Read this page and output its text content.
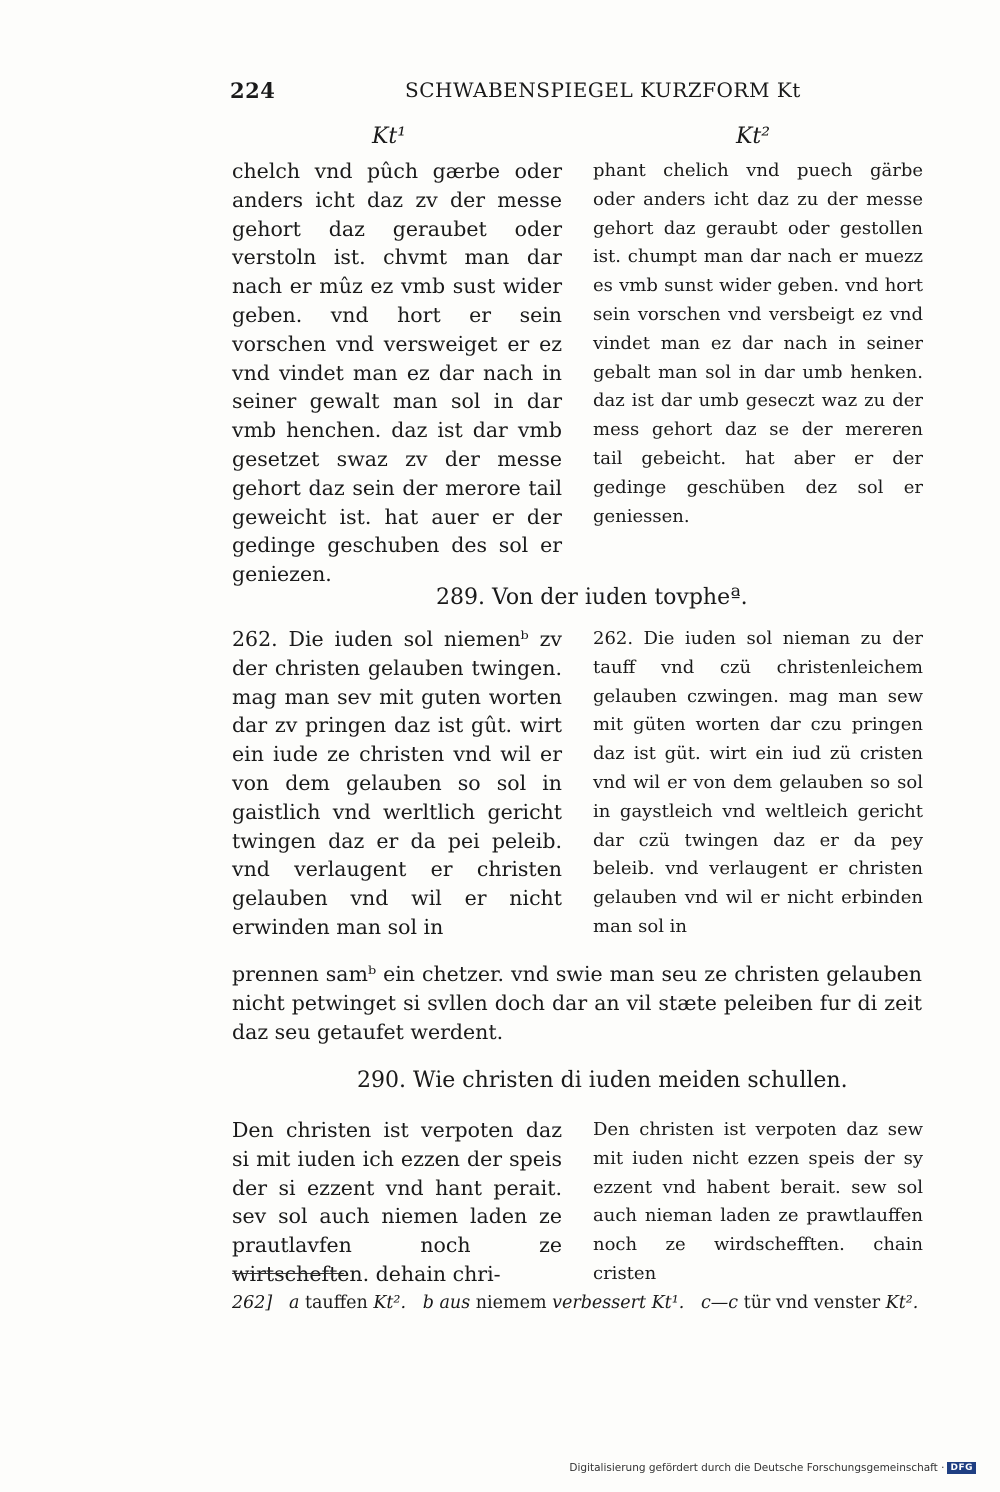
224	SCHWABENSPIEGEL KURZFORM Kt
Kt¹	Kt²
chelch vnd pûch gærbe oder anders icht daz zv der messe gehort daz geraubet oder verstoln ist. chvmt man dar nach er mûz ez vmb sust wider geben. vnd hort er sein vorschen vnd versweiget er ez vnd vindet man ez dar nach in seiner gewalt man sol in dar vmb henchen. daz ist dar vmb gesetzet swaz zv der messe gehort daz sein der merore tail geweicht ist. hat auer er der gedinge geschuben des sol er geniezen.
phant chelich vnd puech gärbe oder anders icht daz zu der messe gehort daz geraubt oder gestollen ist. chumpt man dar nach er muezz es vmb sunst wider geben. vnd hort sein vorschen vnd versbeigt ez vnd vindet man ez dar nach in seiner gebalt man sol in dar umb henken. daz ist dar umb geseczt waz zu der mess gehort daz se der mereren tail gebeicht. hat aber er der gedinge geschüben dez sol er geniessen.
289. Von der iuden tovpheª.
262. Die iuden sol niemenᵇ zv der christen gelauben twingen. mag man sev mit guten worten dar zv pringen daz ist gût. wirt ein iude ze christen vnd wil er von dem gelauben so sol in gaistlich vnd werltlich gericht twingen daz er da pei peleib. vnd verlaugent er christen gelauben vnd wil er nicht erwinden man sol in
262. Die iuden sol nieman zu der tauff vnd czü christenleichem gelauben czwingen. mag man sew mit güten worten dar czu pringen daz ist güt. wirt ein iud zü cristen vnd wil er von dem gelauben so sol in gaystleich vnd weltleich gericht dar czü twingen daz er da pey beleib. vnd verlaugent er christen gelauben vnd wil er nicht erbinden man sol in
prennen samᵇ ein chetzer. vnd swie man seu ze christen gelauben nicht petwinget si svllen doch dar an vil stæte peleiben fur di zeit daz seu getaufet werdent.
290. Wie christen di iuden meiden schullen.
Den christen ist verpoten daz si mit iuden ich ezzen der speis der si ezzent vnd hant perait. sev sol auch niemen laden ze prautlavfen noch ze wirtscheften. dehain chri-
Den christen ist verpoten daz sew mit iuden nicht ezzen speis der sy ezzent vnd habent berait. sew sol auch nieman laden ze prawtlauffen noch ze wirdschefften. chain cristen
262] a tauffen Kt². b aus niemem verbessert Kt¹. c—c tür vnd venster Kt².
Digitalisierung gefördert durch die Deutsche Forschungsgemeinschaft · DFG
